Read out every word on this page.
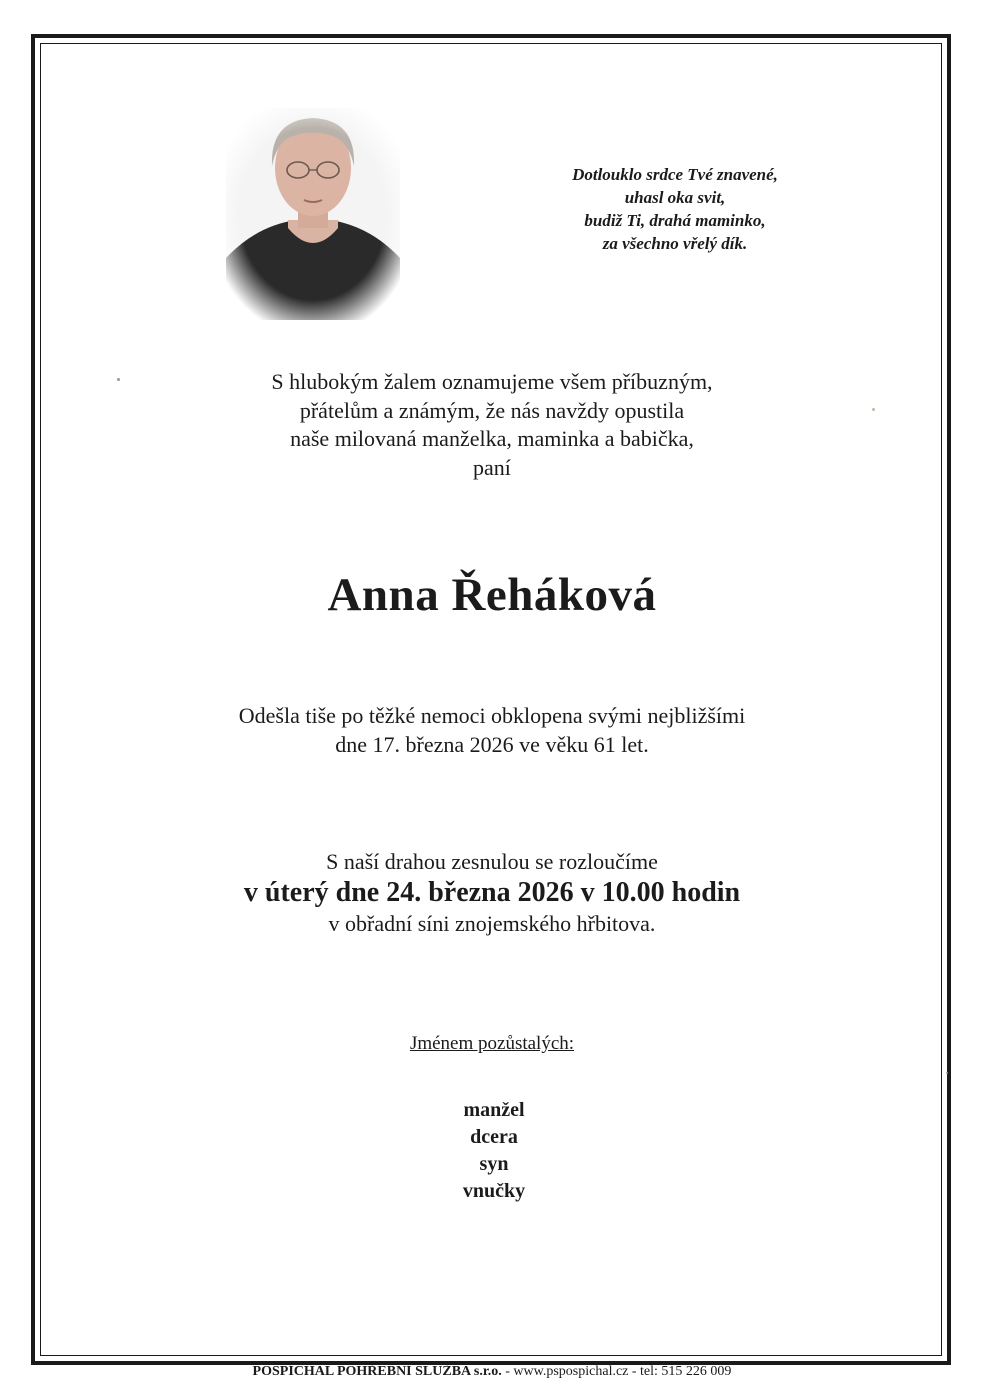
Dotlouklo srdce Tvé znavené,
uhasl oka svit,
budiž Ti, drahá maminko,
za všechno vřelý dík.
S hlubokým žalem oznamujeme všem příbuzným,
přátelům a známým, že nás navždy opustila
naše milovaná manželka, maminka a babička,
paní
Anna Řeháková
Odešla tiše po těžké nemoci obklopena svými nejbližšími
dne 17. března 2026 ve věku 61 let.
S naší drahou zesnulou se rozloučíme
v úterý dne 24. března 2026 v 10.00 hodin
v obřadní síni znojemského hřbitova.
Jménem pozůstalých:
manžel
dcera
syn
vnučky
POSPÍCHAL POHŘEBNÍ SLUŽBA s.r.o. - www.pspospichal.cz - tel: 515 226 009
